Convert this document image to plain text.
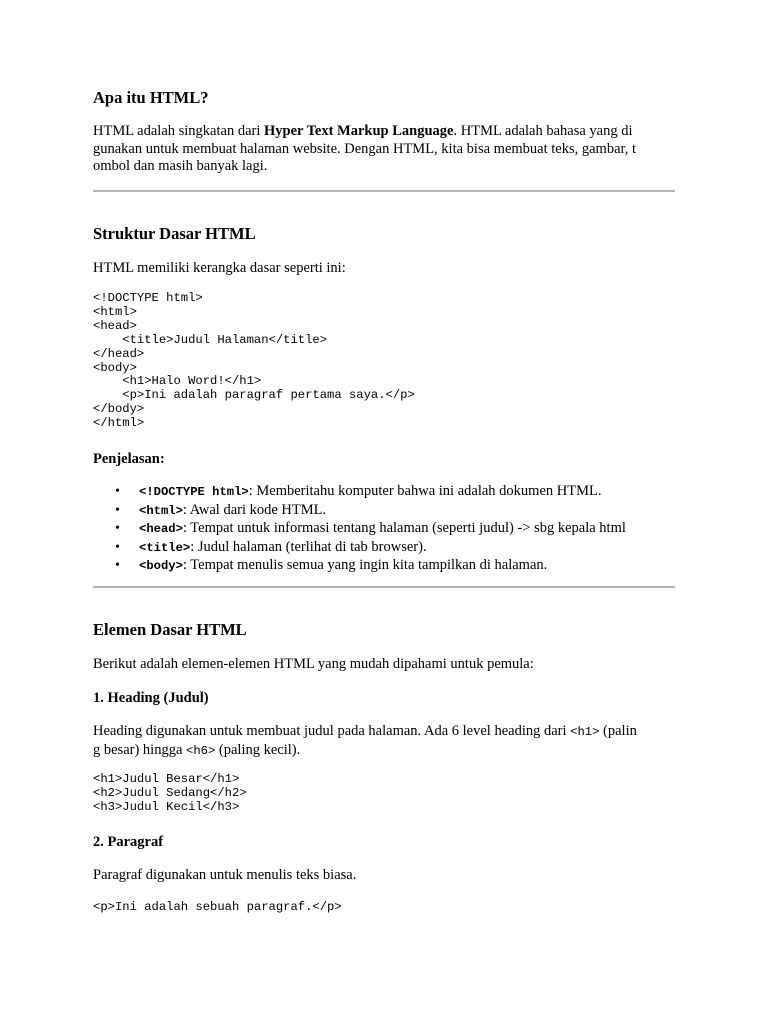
Apa itu HTML?

HTML adalah singkatan dari Hyper Text Markup Language. HTML adalah bahasa yang di
gunakan untuk membuat halaman website. Dengan HTML, kita bisa membuat teks, gambar, t
ombol dan masih banyak lagi.

Struktur Dasar HTML

HTML memiliki kerangka dasar seperti ini:

<!DOCTYPE html>
<html>
<head>
<title>Judul Halaman</title>
</head>
<body>
<h1>Halo Word!</h1>
<p>Ini adalah paragraf pertama saya.</p>
</body>
</html>
Penjelasan:
• <!DOCTYPE html>: Memberitahu komputer bahwa ini adalah dokumen HTML.
• <html>: Awal dari kode HTML.
• <head>: Tempat untuk informasi tentang halaman (seperti judul) -> sbg kepala html
• <title>: Judul halaman (terlihat di tab browser).
• <body>: Tempat menulis semua yang ingin kita tampilkan di halaman.
Elemen Dasar HTML

Berikut adalah elemen-elemen HTML yang mudah dipahami untuk pemula:

1. Heading (Judul)

Heading digunakan untuk membuat judul pada halaman. Ada 6 level heading dari <h1> (palin
g besar) hingga <h6> (paling kecil).

<h1>Judul Besar</h1>
<h2>Judul Sedang</h2>
<h3>Judul Kecil</h3>
2. Paragraf

Paragraf digunakan untuk menulis teks biasa.

<p>Ini adalah sebuah paragraf.</p>
